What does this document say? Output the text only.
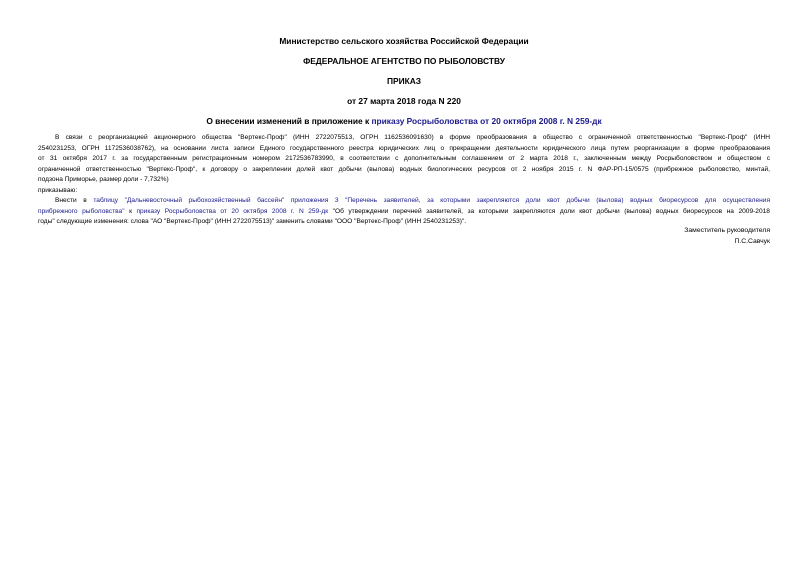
Министерство сельского хозяйства Российской Федерации
ФЕДЕРАЛЬНОЕ АГЕНТСТВО ПО РЫБОЛОВСТВУ
ПРИКАЗ
от 27 марта 2018 года N 220
О внесении изменений в приложение к приказу Росрыболовства от 20 октября 2008 г. N 259-дк
В связи с реорганизацией акционерного общества "Вертекс-Проф" (ИНН 2722075513, ОГРН 1162536091630) в форме преобразования в общество с ограниченной ответственностью "Вертекс-Проф" (ИНН
2540231253, ОГРН 1172536038762), на основании листа записи Единого государственного реестра юридических лиц о прекращении деятельности юридического лица путем реорганизации в форме преобразования
от 31 октября 2017 г. за государственным регистрационным номером 2172536783990, в соответствии с дополнительным соглашением от 2 марта 2018 г., заключенным между Росрыболовством и обществом с
ограниченной ответственностью "Вертекс-Проф", к договору о закреплении долей квот добычи (вылова) водных биологических ресурсов от 2 ноября 2015 г. N ФАР-РП-15/0575 (прибрежное рыболовство, минтай,
подзона Приморье, размер доли - 7,732%)
приказываю:
Внести в таблицу "Дальневосточный рыбохозяйственный бассейн" приложения 3 "Перечень заявителей, за которыми закрепляются доли квот добычи (вылова) водных биоресурсов для осуществления
прибрежного рыболовства" к приказу Росрыболовства от 20 октября 2008 г. N 259-дк "Об утверждении перечней заявителей, за которыми закрепляются доли квот добычи (вылова) водных биоресурсов на 2009-2018
годы" следующие изменения: слова "АО "Вертекс-Проф" (ИНН 2722075513)" заменить словами "ООО "Вертекс-Проф" (ИНН 2540231253)".
Заместитель руководителя
П.С.Савчук
